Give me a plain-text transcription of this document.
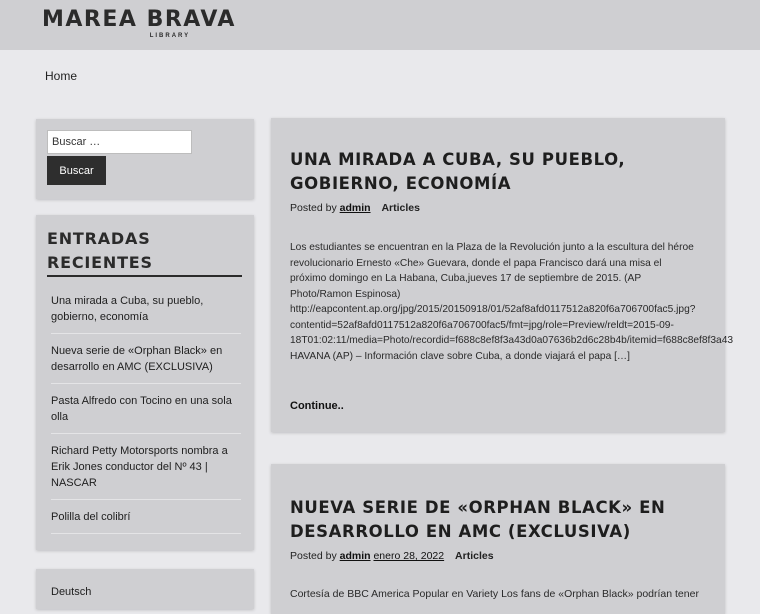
MAREA BRAVA
LIBRARY
Home
Buscar …
Buscar
ENTRADAS RECIENTES
Una mirada a Cuba, su pueblo, gobierno, economía
Nueva serie de «Orphan Black» en desarrollo en AMC (EXCLUSIVA)
Pasta Alfredo con Tocino en una sola olla
Richard Petty Motorsports nombra a Erik Jones conductor del Nº 43 | NASCAR
Polilla del colibrí
Deutsch
UNA MIRADA A CUBA, SU PUEBLO, GOBIERNO, ECONOMÍA
Posted by admin Articles
Los estudiantes se encuentran en la Plaza de la Revolución junto a la escultura del héroe
revolucionario Ernesto «Che» Guevara, donde el papa Francisco dará una misa el
próximo domingo en La Habana, Cuba,jueves 17 de septiembre de 2015. (AP
Photo/Ramon Espinosa)
http://eapcontent.ap.org/jpg/2015/20150918/01/52af8afd0117512a820f6a706700fac5.jpg?
contentid=52af8afd0117512a820f6a706700fac5/fmt=jpg/role=Preview/reldt=2015-09-
18T01:02:11/media=Photo/recordid=f688c8ef8f3a43d0a07636b2d6c28b4b/itemid=f688c8ef8f3a43
HAVANA (AP) – Información clave sobre Cuba, a donde viajará el papa […]
Continue..
NUEVA SERIE DE «ORPHAN BLACK» EN DESARROLLO EN AMC (EXCLUSIVA)
Posted by admin enero 28, 2022 Articles
Cortesía de BBC America Popular en Variety Los fans de «Orphan Black» podrían tener
